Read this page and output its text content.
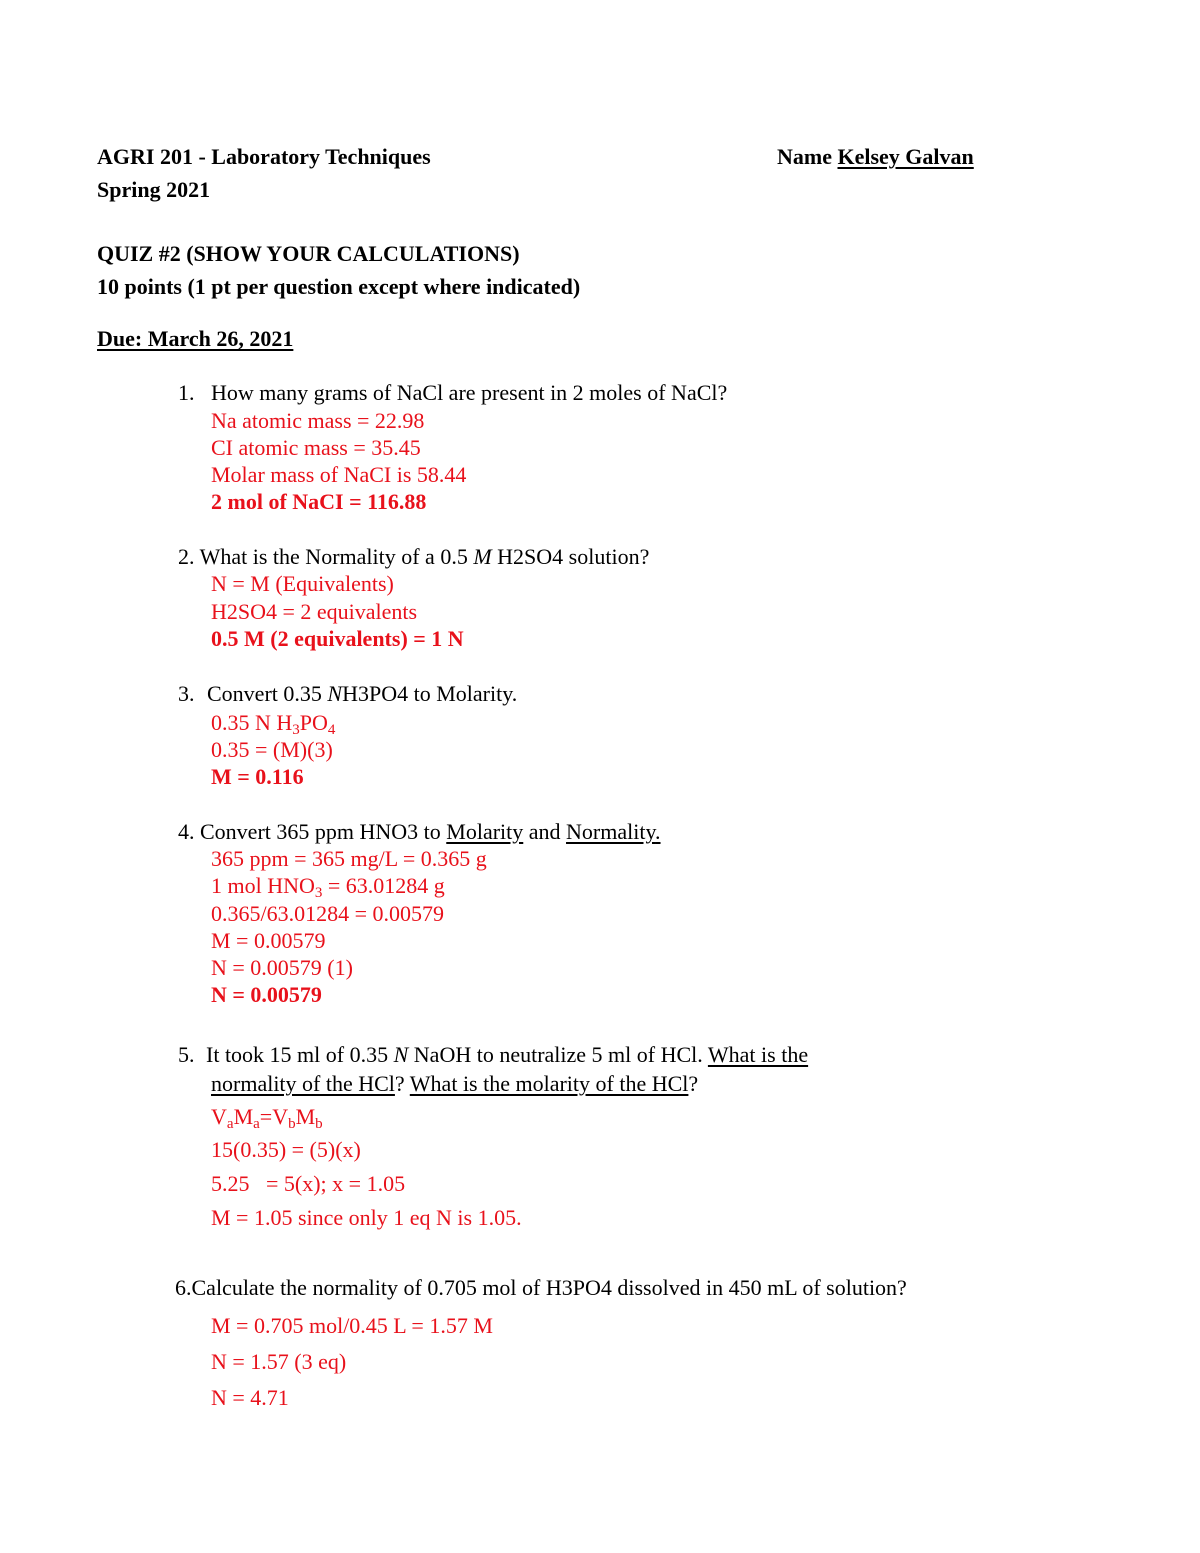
AGRI 201 - Laboratory Techniques	Name Kelsey Galvan
Spring 2021
QUIZ #2 (SHOW YOUR CALCULATIONS)
10 points (1 pt per question except where indicated)
Due: March 26, 2021
1. How many grams of NaCl are present in 2 moles of NaCl?
Na atomic mass = 22.98
CI atomic mass = 35.45
Molar mass of NaCI is 58.44
2 mol of NaCI = 116.88
2. What is the Normality of a 0.5 M H2SO4 solution?
N = M (Equivalents)
H2SO4 = 2 equivalents
0.5 M (2 equivalents) = 1 N
3. Convert 0.35 NH3PO4 to Molarity.
0.35 N $H_3PO_4$
0.35 = (M)(3)
M = 0.116
4. Convert 365 ppm HNO3 to Molarity and Normality.
365 ppm = 365 mg/L = 0.365 g
1 mol $HNO_3 = 63.01284$ g
0.365/63.01284 = 0.00579
M = 0.00579
N = 0.00579 (1)
N = 0.00579
5. It took 15 ml of 0.35 N NaOH to neutralize 5 ml of HCl. What is the
normality of the HCl? What is the molarity of the HCl?
$V_aM_a=V_bM_b$
15(0.35) = (5)(x)
5.25   = 5(x); x = 1.05
M = 1.05 since only 1 eq N is 1.05.
6.Calculate the normality of 0.705 mol of H3PO4 dissolved in 450 mL of solution?
M = 0.705 mol/0.45 L = 1.57 M
N = 1.57 (3 eq)
N = 4.71
